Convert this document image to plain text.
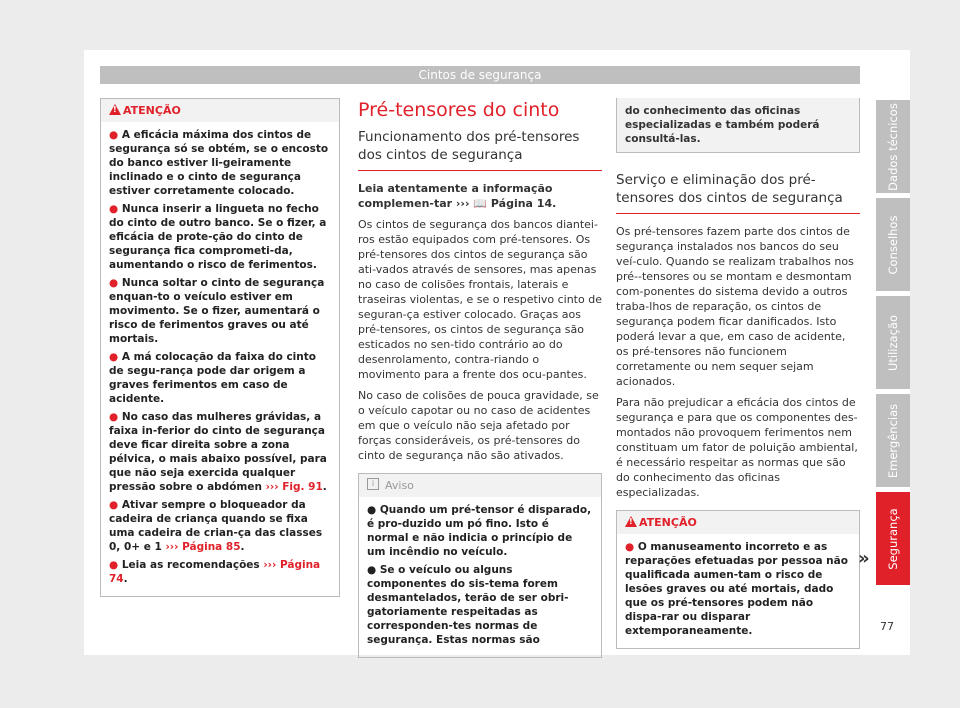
Cintos de segurança
!
ATENÇÃO

● A eficácia máxima dos cintos de segurança só se obtém, se o encosto do banco estiver li-geiramente inclinado e o cinto de segurança estiver corretamente colocado.

● Nunca inserir a lingueta no fecho do cinto de outro banco. Se o fizer, a eficácia de prote-ção do cinto de segurança fica comprometi-da, aumentando o risco de ferimentos.

● Nunca soltar o cinto de segurança enquan-to o veículo estiver em movimento. Se o fizer, aumentará o risco de ferimentos graves ou até mortais.

● A má colocação da faixa do cinto de segu-rança pode dar origem a graves ferimentos em caso de acidente.

● No caso das mulheres grávidas, a faixa in-ferior do cinto de segurança deve ficar direita sobre a zona pélvica, o mais abaixo possível, para que não seja exercida qualquer pressão sobre o abdómen ››› Fig. 91.

● Ativar sempre o bloqueador da cadeira de criança quando se fixa uma cadeira de crian-ça das classes 0, 0+ e 1 ››› Página 85.

● Leia as recomendações ››› Página 74.

Pré-tensores do cinto
Funcionamento dos pré-tensores dos cintos de segurança

Leia atentamente a informação complemen-tar ››› 📖 Página 14.

Os cintos de segurança dos bancos diantei-ros estão equipados com pré-tensores. Os pré-tensores dos cintos de segurança são ati-vados através de sensores, mas apenas no caso de colisões frontais, laterais e traseiras violentas, e se o respetivo cinto de seguran-ça estiver colocado. Graças aos pré-tensores, os cintos de segurança são esticados no sen-tido contrário ao do desenrolamento, contra-riando o movimento para a frente dos ocu-pantes.

No caso de colisões de pouca gravidade, se o veículo capotar ou no caso de acidentes em que o veículo não seja afetado por forças consideráveis, os pré-tensores do cinto de segurança não são ativados.

i Aviso

● Quando um pré-tensor é disparado, é pro-duzido um pó fino. Isto é normal e não indicia o princípio de um incêndio no veículo.

● Se o veículo ou alguns componentes do sis-tema forem desmantelados, terão de ser obri-gatoriamente respeitadas as corresponden-tes normas de segurança. Estas normas são

do conhecimento das oficinas especializadas e também poderá consultá-las.
Serviço e eliminação dos pré-tensores dos cintos de segurança

Os pré-tensores fazem parte dos cintos de segurança instalados nos bancos do seu veí-culo. Quando se realizam trabalhos nos pré--tensores ou se montam e desmontam com-ponentes do sistema devido a outros traba-lhos de reparação, os cintos de segurança podem ficar danificados. Isto poderá levar a que, em caso de acidente, os pré-tensores não funcionem corretamente ou nem sequer sejam acionados.

Para não prejudicar a eficácia dos cintos de segurança e para que os componentes des-montados não provoquem ferimentos nem constituam um fator de poluição ambiental, é necessário respeitar as normas que são do conhecimento das oficinas especializadas.

!
ATENÇÃO

● O manuseamento incorreto e as reparações efetuadas por pessoa não qualificada aumen-tam o risco de lesões graves ou até mortais, dado que os pré-tensores podem não dispa-rar ou disparar extemporaneamente.

»
Dados técnicos
Conselhos
Utilização
Emergências
Segurança
77
